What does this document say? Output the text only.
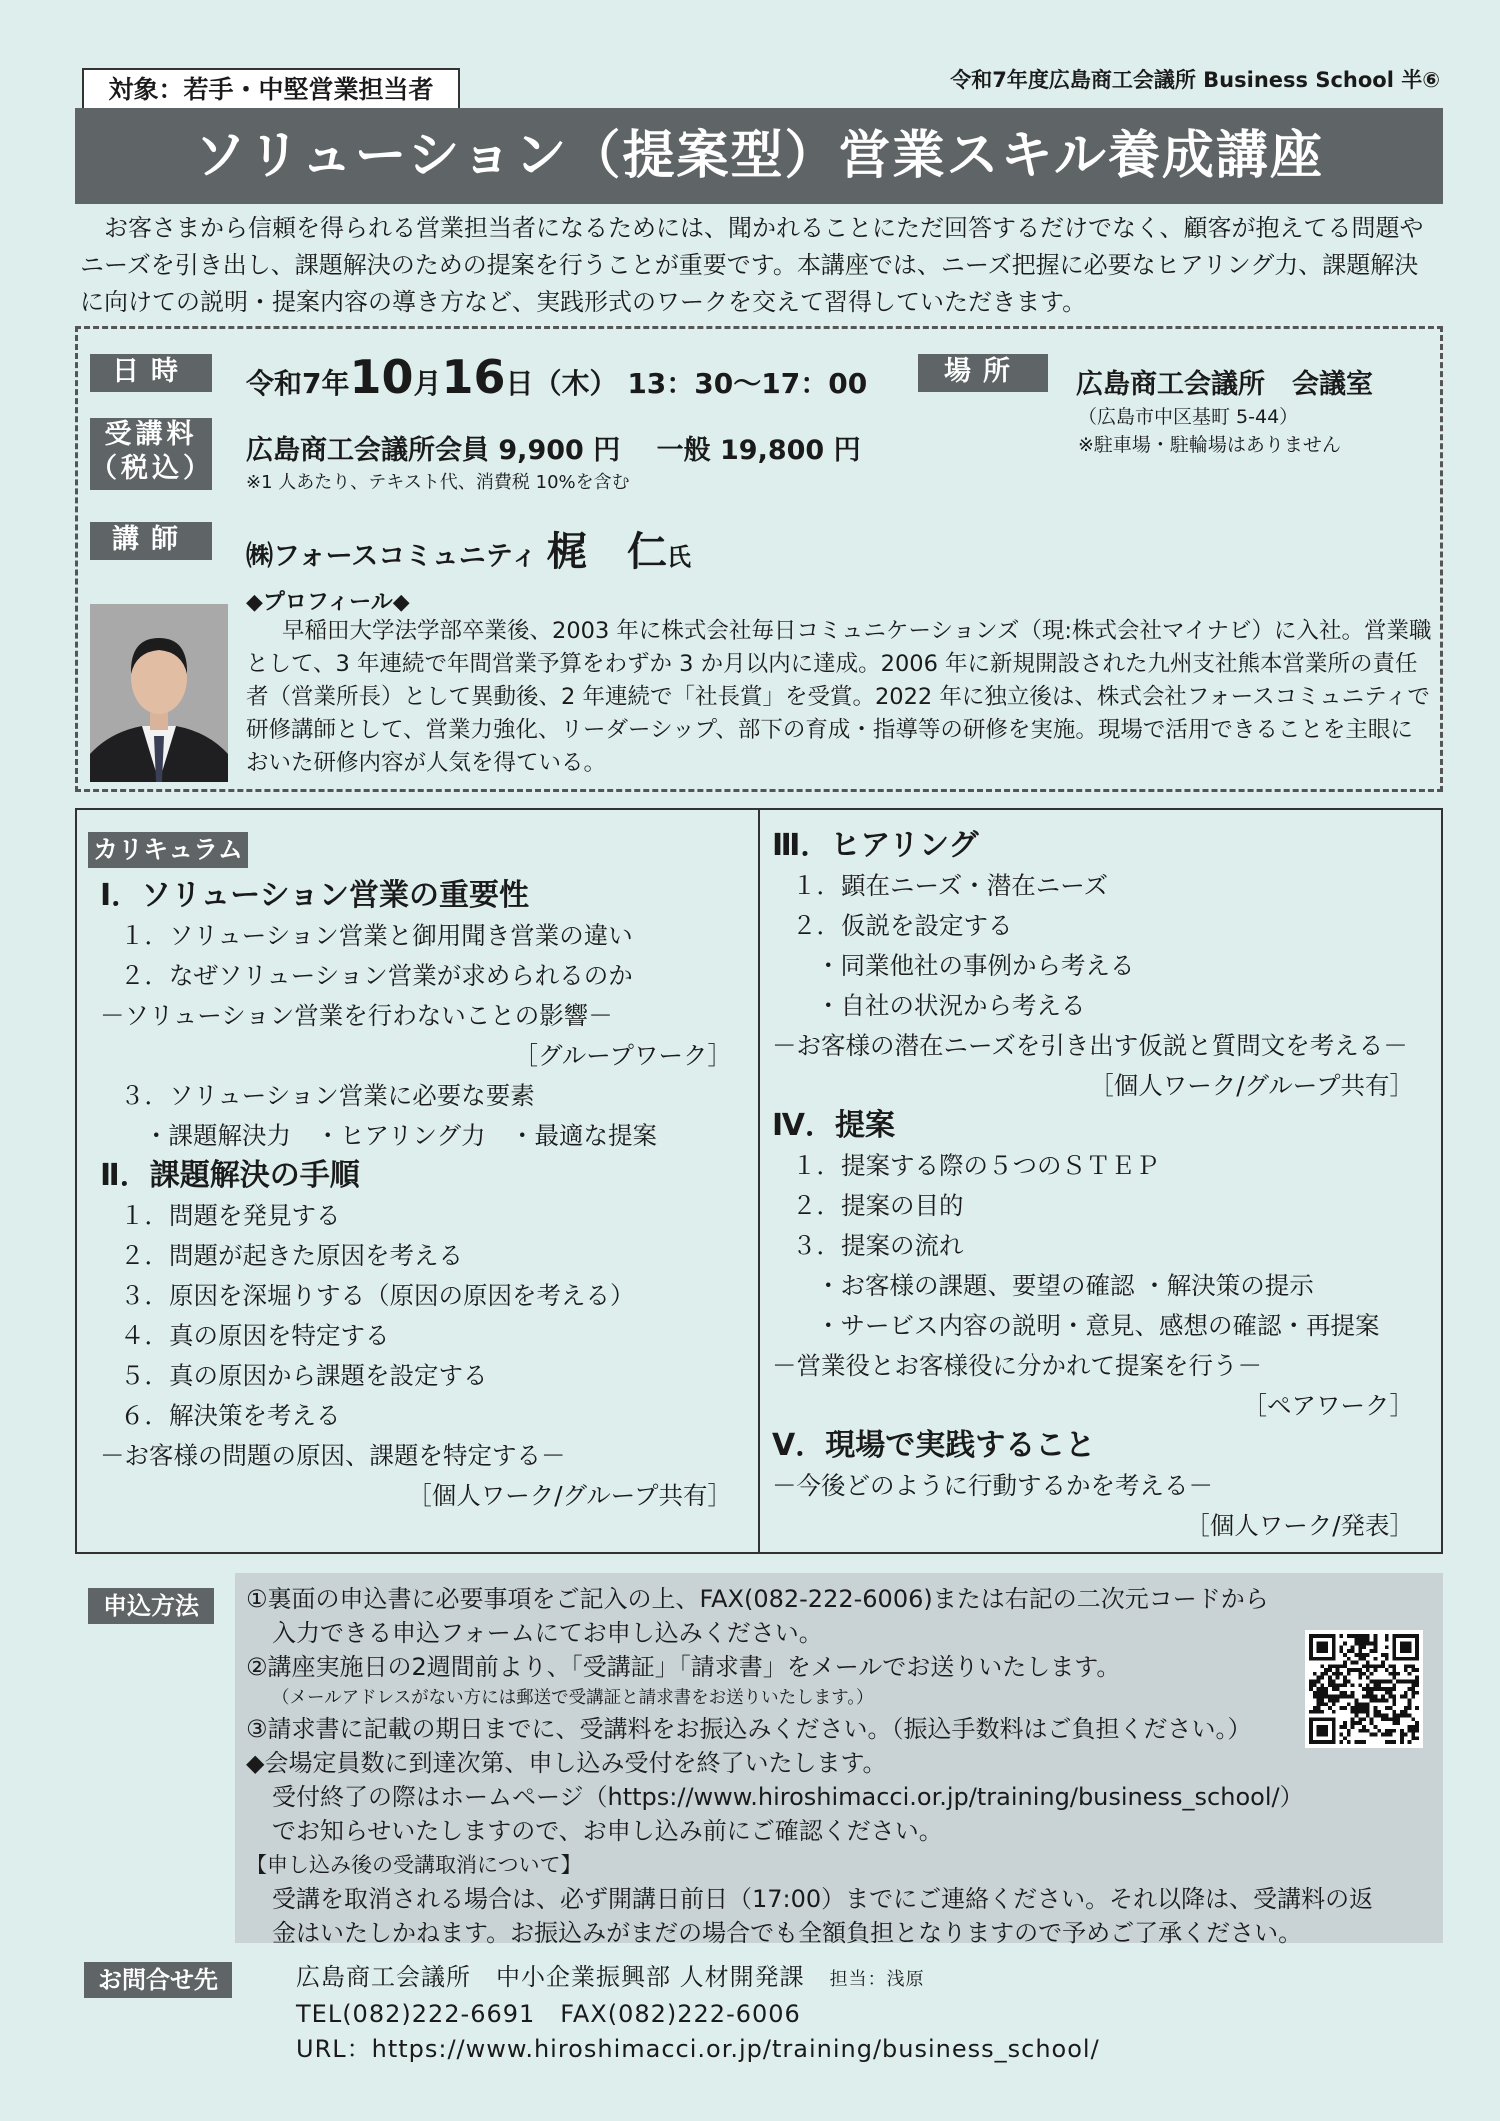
対象：若手・中堅営業担当者	令和7年度広島商工会議所 Business School 半⑥
ソリューション（提案型）営業スキル養成講座
お客さまから信頼を得られる営業担当者になるためには、聞かれることにただ回答するだけでなく、顧客が抱えてる問題やニーズを引き出し、課題解決のための提案を行うことが重要です。本講座では、ニーズ把握に必要なヒアリング力、課題解決に向けての説明・提案内容の導き方など、実践形式のワークを交えて習得していただきます。
日時	令和7年10月16日（木） 13：30～17：00	場所	広島商工会議所　会議室
（広島市中区基町 5-44）
※駐車場・駐輪場はありません
受講料
（税込）
広島商工会議所会員 9,900 円　 一般 19,800 円
※1 人あたり、テキスト代、消費税 10%を含む
講師
㈱フォースコミュニティ 梶　仁氏
◆プロフィール◆
早稲田大学法学部卒業後、2003 年に株式会社毎日コミュニケーションズ（現:株式会社マイナビ）に入社。営業職として、3 年連続で年間営業予算をわずか 3 か月以内に達成。2006 年に新規開設された九州支社熊本営業所の責任者（営業所長）として異動後、2 年連続で「社長賞」を受賞。2022 年に独立後は、株式会社フォースコミュニティで研修講師として、営業力強化、リーダーシップ、部下の育成・指導等の研修を実施。現場で活用できることを主眼においた研修内容が人気を得ている。
カリキュラム
Ⅰ．ソリューション営業の重要性
１．ソリューション営業と御用聞き営業の違い
２．なぜソリューション営業が求められるのか
－ソリューション営業を行わないことの影響－
［グループワーク］
３．ソリューション営業に必要な要素
・課題解決力　・ヒアリング力　・最適な提案
Ⅱ．課題解決の手順
１．問題を発見する
２．問題が起きた原因を考える
３．原因を深堀りする（原因の原因を考える）
４．真の原因を特定する
５．真の原因から課題を設定する
６．解決策を考える
－お客様の問題の原因、課題を特定する－
［個人ワーク/グループ共有］
Ⅲ．ヒアリング
１．顕在ニーズ・潜在ニーズ
２．仮説を設定する
・同業他社の事例から考える
・自社の状況から考える
－お客様の潜在ニーズを引き出す仮説と質問文を考える－
［個人ワーク/グループ共有］
Ⅳ．提案
１．提案する際の５つのＳＴＥＰ
２．提案の目的
３．提案の流れ
・お客様の課題、要望の確認 ・解決策の提示
・サービス内容の説明・意見、感想の確認・再提案
－営業役とお客様役に分かれて提案を行う－
［ペアワーク］
Ⅴ．現場で実践すること
－今後どのように行動するかを考える－
［個人ワーク/発表］
申込方法	①裏面の申込書に必要事項をご記入の上、FAX(082-222-6006)または右記の二次元コードから
入力できる申込フォームにてお申し込みください。
②講座実施日の2週間前より、「受講証」「請求書」をメールでお送りいたします。
（メールアドレスがない方には郵送で受講証と請求書をお送りいたします。）
③請求書に記載の期日までに、受講料をお振込みください。（振込手数料はご負担ください。）
◆会場定員数に到達次第、申し込み受付を終了いたします。
受付終了の際はホームページ（https://www.hiroshimacci.or.jp/training/business_school/）
でお知らせいたしますので、お申し込み前にご確認ください。
【申し込み後の受講取消について】
受講を取消される場合は、必ず開講日前日（17:00）までにご連絡ください。それ以降は、受講料の返
金はいたしかねます。お振込みがまだの場合でも全額負担となりますので予めご了承ください。
お問合せ先	広島商工会議所　中小企業振興部 人材開発課　 担当：浅原
TEL(082)222-6691　FAX(082)222-6006
URL：https://www.hiroshimacci.or.jp/training/business_school/
